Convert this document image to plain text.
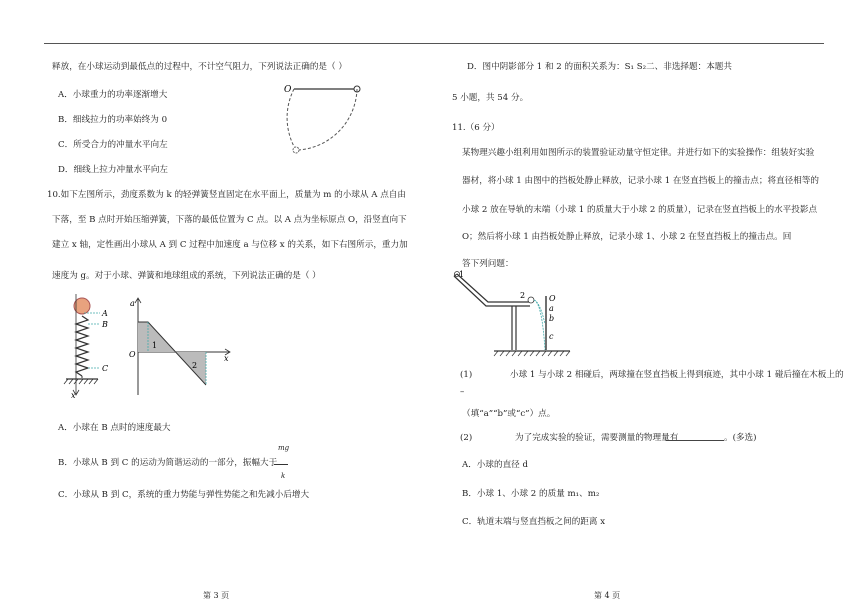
释放，在小球运动到最低点的过程中，不计空气阻力，下列说法正确的是（ ）
O
A．小球重力的功率逐渐增大
B．细线拉力的功率始终为 0
C．所受合力的冲量水平向左
D．细线上拉力冲量水平向左
10.如下左图所示，劲度系数为 k 的轻弹簧竖直固定在水平面上，质量为 m 的小球从 A 点自由
下落，至 B 点时开始压缩弹簧，下落的最低位置为 C 点。以 A 点为坐标原点 O，沿竖直向下
建立 x 轴，定性画出小球从 A 到 C 过程中加速度 a 与位移 x 的关系，如下右图所示，重力加
速度为 g。对于小球、弹簧和地球组成的系统，下列说法正确的是（ ）
A
B
C
x
a
O	x
1
2
A．小球在 B 点时的速度最大
B．小球从 B 到 C 的运动为简谐运动的一部分，振幅大于
mg
k
C．小球从 B 到 C，系统的重力势能与弹性势能之和先减小后增大
第 3 页
D．图中阴影部分 1 和 2 的面积关系为：S₁ S₂二、非选择题：本题共
5 小题，共 54 分。
11.（6 分）
某物理兴趣小组利用如图所示的装置验证动量守恒定律。并进行如下的实验操作：组装好实验
器材，将小球 1 由图中的挡板处静止释放，记录小球 1 在竖直挡板上的撞击点；将直径相等的
小球 2 放在导轨的末端（小球 1 的质量大于小球 2 的质量），记录在竖直挡板上的水平投影点
O；然后将小球 1 由挡板处静止释放，记录小球 1、小球 2 在竖直挡板上的撞击点。回
答下列问题：
1
2	O
a
b
c
(1)	小球 1 与小球 2 相碰后，两球撞在竖直挡板上得到痕迹，其中小球 1 碰后撞在木板上的
–
（填“a”“b”或“c”）点。
(2)	为了完成实验的验证，需要测量的物理量有	。(多选)
A．小球的直径 d
B．小球 1、小球 2 的质量 m₁、m₂
C．轨道末端与竖直挡板之间的距离 x
第 4 页
